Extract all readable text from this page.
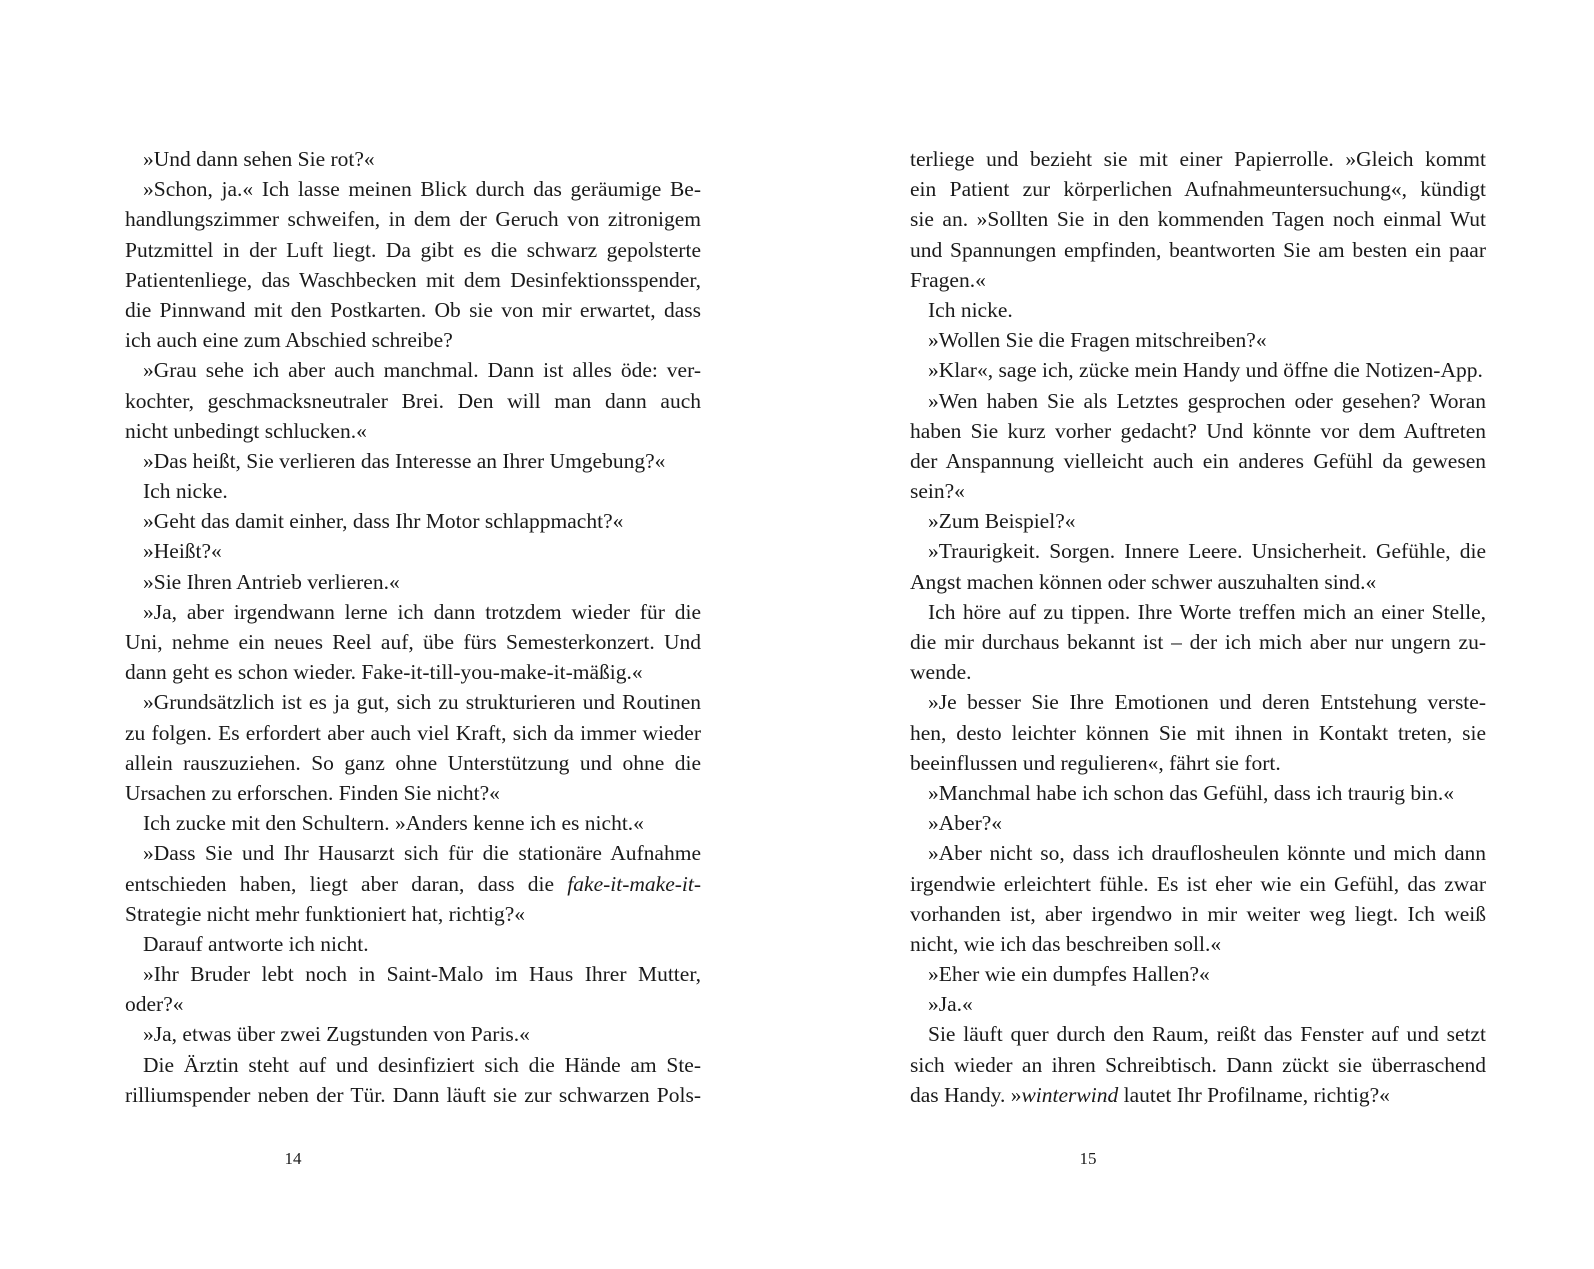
»Und dann sehen Sie rot?«
»Schon, ja.« Ich lasse meinen Blick durch das geräumige Be-
handlungszimmer schweifen, in dem der Geruch von zitronigem
Putzmittel in der Luft liegt. Da gibt es die schwarz gepolsterte
Patientenliege, das Waschbecken mit dem Desinfektionsspender,
die Pinnwand mit den Postkarten. Ob sie von mir erwartet, dass
ich auch eine zum Abschied schreibe?
»Grau sehe ich aber auch manchmal. Dann ist alles öde: ver-
kochter, geschmacksneutraler Brei. Den will man dann auch
nicht unbedingt schlucken.«
»Das heißt, Sie verlieren das Interesse an Ihrer Umgebung?«
Ich nicke.
»Geht das damit einher, dass Ihr Motor schlappmacht?«
»Heißt?«
»Sie Ihren Antrieb verlieren.«
»Ja, aber irgendwann lerne ich dann trotzdem wieder für die
Uni, nehme ein neues Reel auf, übe fürs Semesterkonzert. Und
dann geht es schon wieder. Fake-it-till-you-make-it-mäßig.«
»Grundsätzlich ist es ja gut, sich zu strukturieren und Routinen
zu folgen. Es erfordert aber auch viel Kraft, sich da immer wieder
allein rauszuziehen. So ganz ohne Unterstützung und ohne die
Ursachen zu erforschen. Finden Sie nicht?«
Ich zucke mit den Schultern. »Anders kenne ich es nicht.«
»Dass Sie und Ihr Hausarzt sich für die stationäre Aufnahme
entschieden haben, liegt aber daran, dass die fake-it-make-it-
Strategie nicht mehr funktioniert hat, richtig?«
Darauf antworte ich nicht.
»Ihr Bruder lebt noch in Saint-Malo im Haus Ihrer Mutter,
oder?«
»Ja, etwas über zwei Zugstunden von Paris.«
Die Ärztin steht auf und desinfiziert sich die Hände am Ste-
rilliumspender neben der Tür. Dann läuft sie zur schwarzen Pols-
14
terliege und bezieht sie mit einer Papierrolle. »Gleich kommt
ein Patient zur körperlichen Aufnahmeuntersuchung«, kündigt
sie an. »Sollten Sie in den kommenden Tagen noch einmal Wut
und Spannungen empfinden, beantworten Sie am besten ein paar
Fragen.«
Ich nicke.
»Wollen Sie die Fragen mitschreiben?«
»Klar«, sage ich, zücke mein Handy und öffne die Notizen-App.
»Wen haben Sie als Letztes gesprochen oder gesehen? Woran
haben Sie kurz vorher gedacht? Und könnte vor dem Auftreten
der Anspannung vielleicht auch ein anderes Gefühl da gewesen
sein?«
»Zum Beispiel?«
»Traurigkeit. Sorgen. Innere Leere. Unsicherheit. Gefühle, die
Angst machen können oder schwer auszuhalten sind.«
Ich höre auf zu tippen. Ihre Worte treffen mich an einer Stelle,
die mir durchaus bekannt ist – der ich mich aber nur ungern zu-
wende.
»Je besser Sie Ihre Emotionen und deren Entstehung verste-
hen, desto leichter können Sie mit ihnen in Kontakt treten, sie
beeinflussen und regulieren«, fährt sie fort.
»Manchmal habe ich schon das Gefühl, dass ich traurig bin.«
»Aber?«
»Aber nicht so, dass ich drauflosheulen könnte und mich dann
irgendwie erleichtert fühle. Es ist eher wie ein Gefühl, das zwar
vorhanden ist, aber irgendwo in mir weiter weg liegt. Ich weiß
nicht, wie ich das beschreiben soll.«
»Eher wie ein dumpfes Hallen?«
»Ja.«
Sie läuft quer durch den Raum, reißt das Fenster auf und setzt
sich wieder an ihren Schreibtisch. Dann zückt sie überraschend
das Handy. »winterwind lautet Ihr Profilname, richtig?«
15
